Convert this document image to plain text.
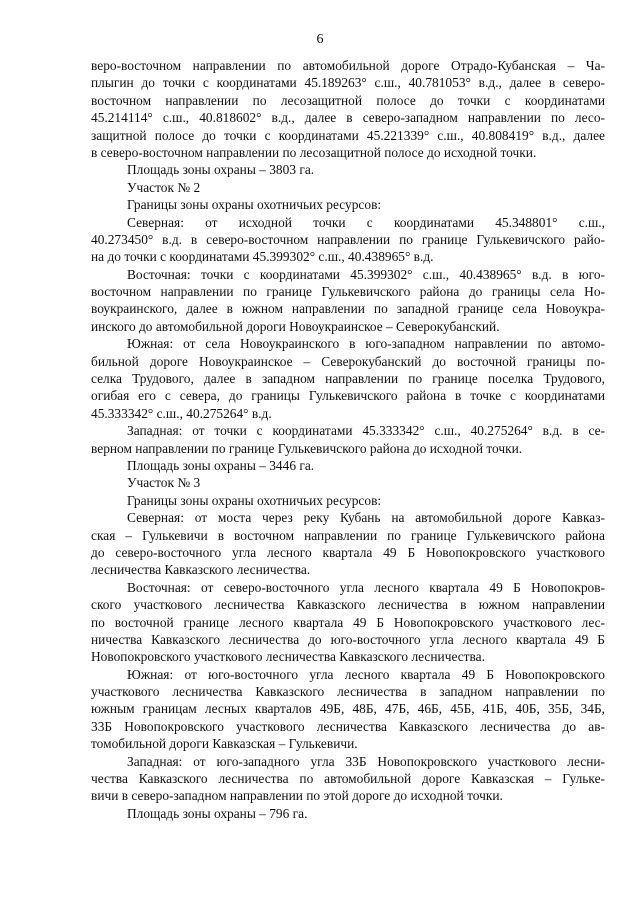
6
веро-восточном направлении по автомобильной дороге Отрадо-Кубанская – Ча-
плыгин до точки с координатами 45.189263° с.ш., 40.781053° в.д., далее в северо-
восточном направлении по лесозащитной полосе до точки с координатами
45.214114° с.ш., 40.818602° в.д., далее в северо-западном направлении по лесо-
защитной полосе до точки с координатами 45.221339° с.ш., 40.808419° в.д., далее
в северо-восточном направлении по лесозащитной полосе до исходной точки.
Площадь зоны охраны – 3803 га.
Участок № 2
Границы зоны охраны охотничьих ресурсов:
Северная: от исходной точки с координатами 45.348801° с.ш.,
40.273450° в.д. в северо-восточном направлении по границе Гулькевичского райо-
на до точки с координатами 45.399302° с.ш., 40.438965° в.д.
Восточная: точки с координатами 45.399302° с.ш., 40.438965° в.д. в юго-
восточном направлении по границе Гулькевичского района до границы села Но-
воукраинского, далее в южном направлении по западной границе села Новоукра-
инского до автомобильной дороги Новоукраинское – Северокубанский.
Южная: от села Новоукраинского в юго-западном направлении по автомо-
бильной дороге Новоукраинское – Северокубанский до восточной границы по-
селка Трудового, далее в западном направлении по границе поселка Трудового,
огибая его с севера, до границы Гулькевичского района в точке с координатами
45.333342° с.ш., 40.275264° в.д.
Западная: от точки с координатами 45.333342° с.ш., 40.275264° в.д. в се-
верном направлении по границе Гулькевичского района до исходной точки.
Площадь зоны охраны – 3446 га.
Участок № 3
Границы зоны охраны охотничьих ресурсов:
Северная: от моста через реку Кубань на автомобильной дороге Кавказ-
ская – Гулькевичи в восточном направлении по границе Гулькевичского района
до северо-восточного угла лесного квартала 49 Б Новопокровского участкового
лесничества Кавказского лесничества.
Восточная: от северо-восточного угла лесного квартала 49 Б Новопокров-
ского участкового лесничества Кавказского лесничества в южном направлении
по восточной границе лесного квартала 49 Б Новопокровского участкового лес-
ничества Кавказского лесничества до юго-восточного угла лесного квартала 49 Б
Новопокровского участкового лесничества Кавказского лесничества.
Южная: от юго-восточного угла лесного квартала 49 Б Новопокровского
участкового лесничества Кавказского лесничества в западном направлении по
южным границам лесных кварталов 49Б, 48Б, 47Б, 46Б, 45Б, 41Б, 40Б, 35Б, 34Б,
33Б Новопокровского участкового лесничества Кавказского лесничества до ав-
томобильной дороги Кавказская – Гулькевичи.
Западная: от юго-западного угла 33Б Новопокровского участкового лесни-
чества Кавказского лесничества по автомобильной дороге Кавказская – Гульке-
вичи в северо-западном направлении по этой дороге до исходной точки.
Площадь зоны охраны – 796 га.
